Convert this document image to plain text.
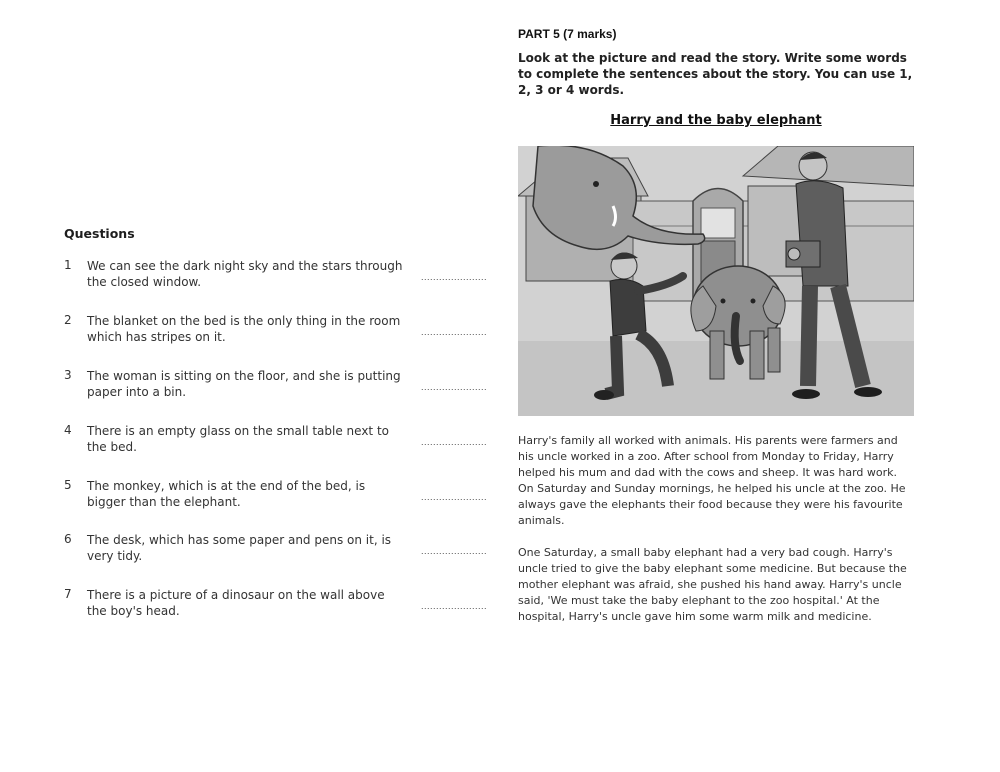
PART 5 (7 marks)
Look at the picture and read the story. Write some words to complete the sentences about the story. You can use 1, 2, 3 or 4 words.
Harry and the baby elephant
Harry's family all worked with animals. His parents were farmers and his uncle worked in a zoo. After school from Monday to Friday, Harry helped his mum and dad with the cows and sheep. It was hard work. On Saturday and Sunday mornings, he helped his uncle at the zoo. He always gave the elephants their food because they were his favourite animals.
One Saturday, a small baby elephant had a very bad cough. Harry's uncle tried to give the baby elephant some medicine. But because the mother elephant was afraid, she pushed his hand away. Harry's uncle said, 'We must take the baby elephant to the zoo hospital.' At the hospital, Harry's uncle gave him some warm milk and medicine.
Questions
1	We can see the dark night sky and the stars through the closed window.	......................
2	The blanket on the bed is the only thing in the room which has stripes on it.	......................
3	The woman is sitting on the floor, and she is putting paper into a bin.	......................
4	There is an empty glass on the small table next to the bed.	......................
5	The monkey, which is at the end of the bed, is bigger than the elephant.	......................
6	The desk, which has some paper and pens on it, is very tidy.	......................
7	There is a picture of a dinosaur on the wall above the boy's head.	......................
